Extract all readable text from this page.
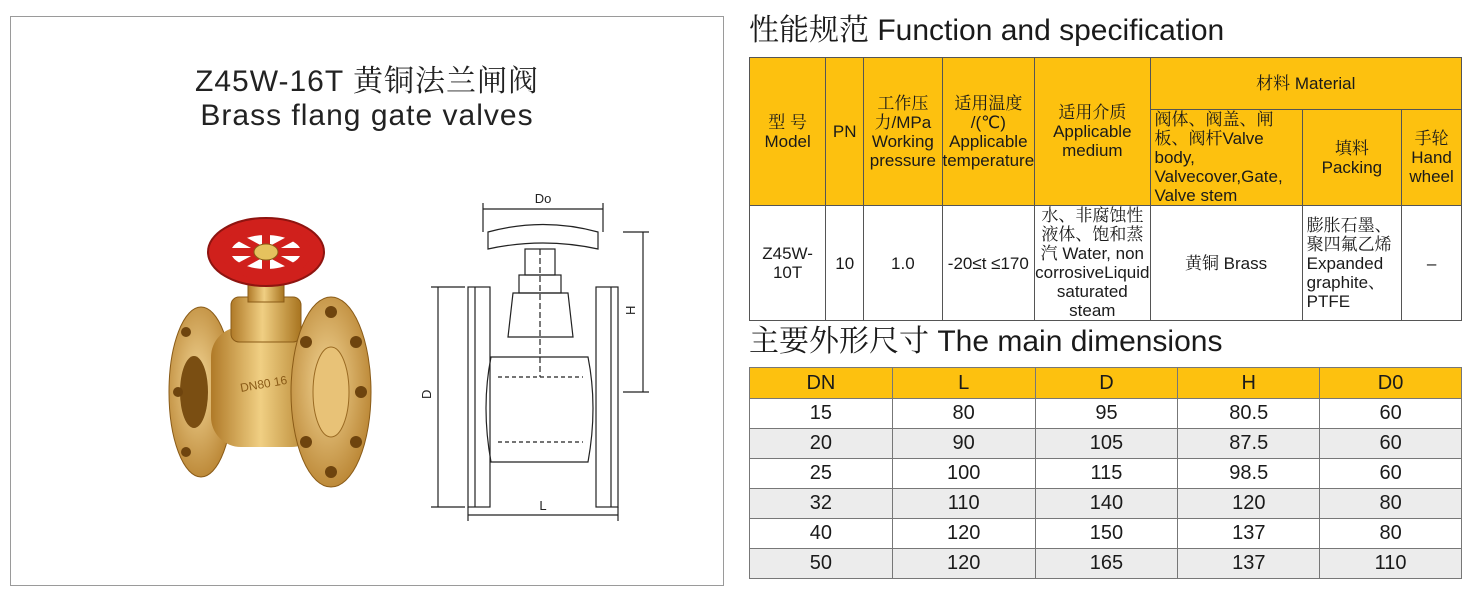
Z45W-16T 黄铜法兰闸阀
Brass flang gate valves
DN80 16
Do
H
D
L
性能规范 Function and specification
型 号 Model	PN	工作压 力/MPa Working pressure	适用温度 /(℃) Applicable temperature	适用介质 Applicable medium	材料 Material		
					阀体、阀盖、闸板、阀杆Valve body, Valvecover,Gate, Valve stem	填料 Packing	手轮 Hand wheel
Z45W-10T	10	1.0	-20≤t ≤170	水、非腐蚀性液体、饱和蒸汽 Water, non corrosiveLiquid saturated steam	黄铜 Brass	膨胀石墨、聚四氟乙烯 Expanded graphite、PTFE	–
主要外形尺寸 The main dimensions
DN	L	D	H	D0
15	80	95	80.5	60
20	90	105	87.5	60
25	100	115	98.5	60
32	110	140	120	80
40	120	150	137	80
50	120	165	137	110
